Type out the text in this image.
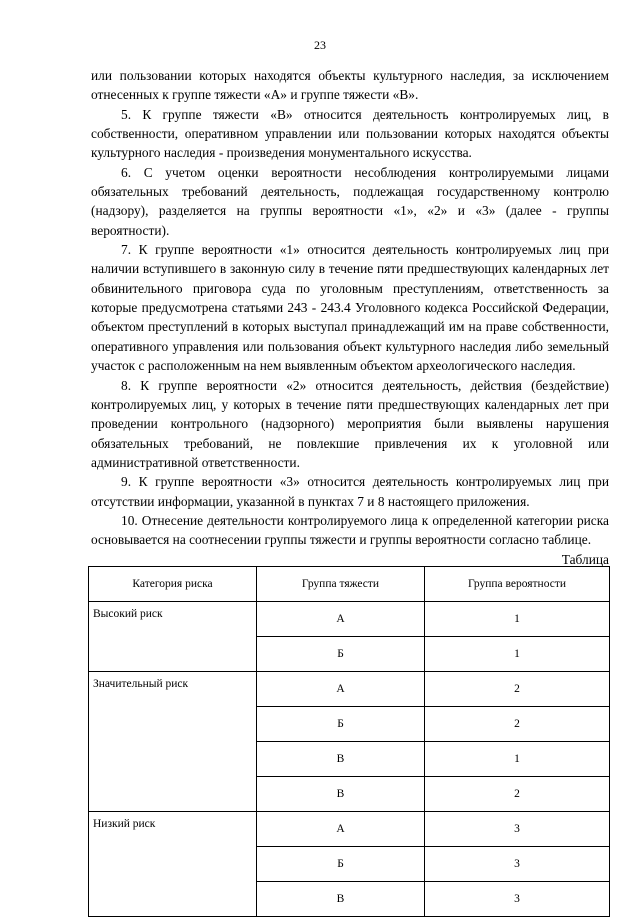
23

или пользовании которых находятся объекты культурного наследия, за исключением отнесенных к группе тяжести «А» и группе тяжести «В».

5. К группе тяжести «В» относится деятельность контролируемых лиц, в собственности, оперативном управлении или пользовании которых находятся объекты культурного наследия - произведения монументального искусства.

6. С учетом оценки вероятности несоблюдения контролируемыми лицами обязательных требований деятельность, подлежащая государственному контролю (надзору), разделяется на группы вероятности «1», «2» и «3» (далее - группы вероятности).

7. К группе вероятности «1» относится деятельность контролируемых лиц при наличии вступившего в законную силу в течение пяти предшествующих календарных лет обвинительного приговора суда по уголовным преступлениям, ответственность за которые предусмотрена статьями 243 - 243.4 Уголовного кодекса Российской Федерации, объектом преступлений в которых выступал принадлежащий им на праве собственности, оперативного управления или пользования объект культурного наследия либо земельный участок с расположенным на нем выявленным объектом археологического наследия.

8. К группе вероятности «2» относится деятельность, действия (бездействие) контролируемых лиц, у которых в течение пяти предшествующих календарных лет при проведении контрольного (надзорного) мероприятия были выявлены нарушения обязательных требований, не повлекшие привлечения их к уголовной или административной ответственности.

9. К группе вероятности «3» относится деятельность контролируемых лиц при отсутствии информации, указанной в пунктах 7 и 8 настоящего приложения.

10. Отнесение деятельности контролируемого лица к определенной категории риска основывается на соотнесении группы тяжести и группы вероятности согласно таблице.

Таблица
Категория риска	Группа тяжести	Группа вероятности
Высокий риск	А	1
	Б	1
Значительный риск	А	2
	Б	2
	В	1
	В	2
Низкий риск	А	3
	Б	3
	В	3
